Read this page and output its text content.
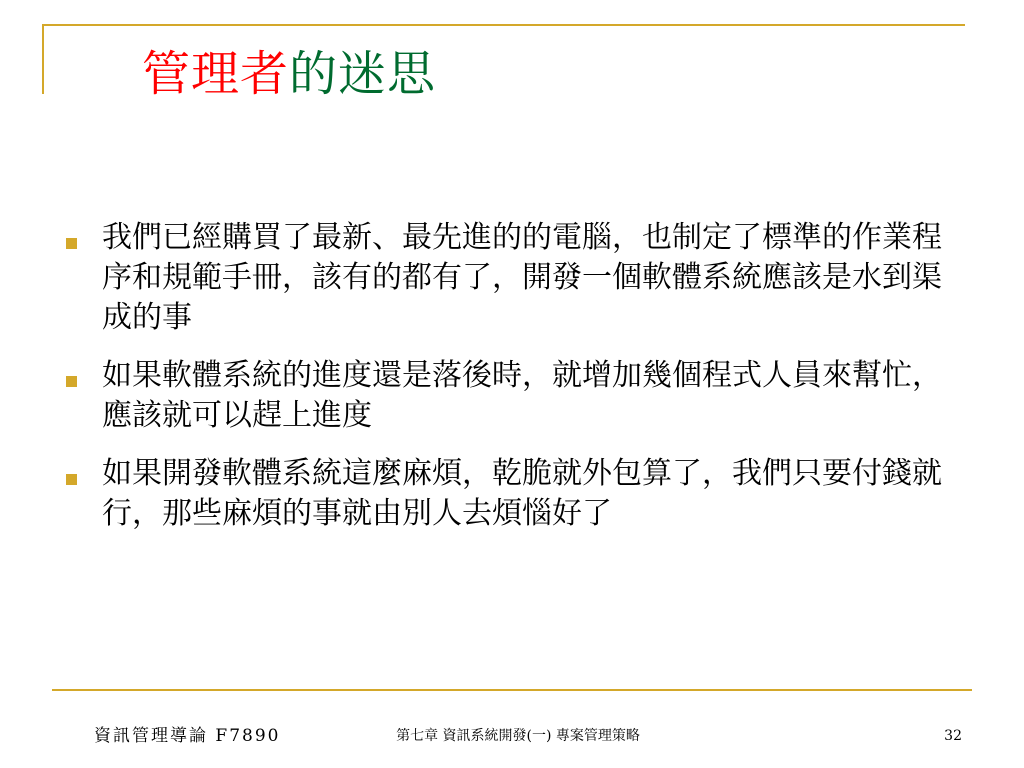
管理者的迷思
我們已經購買了最新、最先進的的電腦，也制定了標準的作業程序和規範手冊，該有的都有了，開發一個軟體系統應該是水到渠成的事
如果軟體系統的進度還是落後時，就增加幾個程式人員來幫忙，應該就可以趕上進度
如果開發軟體系統這麼麻煩，乾脆就外包算了，我們只要付錢就行，那些麻煩的事就由別人去煩惱好了
資訊管理導論 F7890	第七章 資訊系統開發(一) 專案管理策略	32
